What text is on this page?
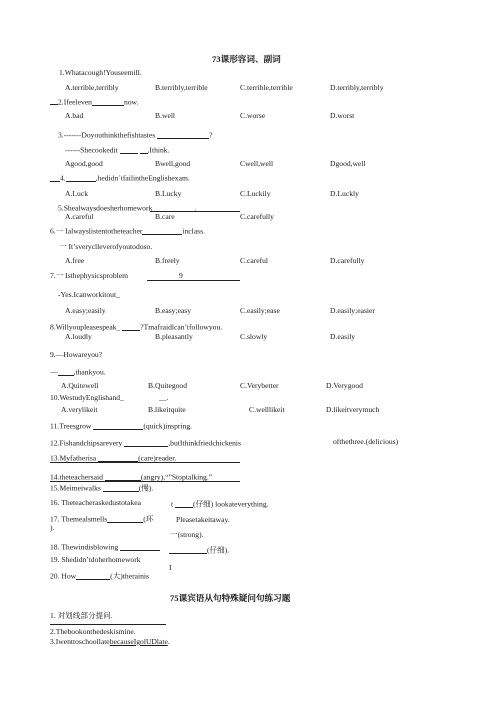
73课形容词、副词
1.Whatacough!Youseemill.
A.terrible,terribly	B.terribly,terrible	C.terrible,terrible	D.terribly,terribly
2.Ifeeleven	now.
A.bad	B.well	C.worse	D.worst
3.-------Doyouthinkthefishtastes	?
------Shecookedit	,Ithink.
Agood,good	Bwell,good	Cwell,well	Dgood,well
4.	,hedidn´tfailintheEnglishexam.
A.Luck	B.Lucky	C.Luckily	D.Luckly
5.Shealwaysdoesherhomework	.
A.careful	B.care	C.carefully
6.一 Ialwayslistentotheteacher	inclass.
一 It’sveryclleverofyoutodoso.
A.free	B.freely	C.careful	D.carefully
7.一 Isthephysicsproblem	9
-Yes.Icanworkitout_
A.easy;easily	B.easy;easy	C.easily;ease	D.easily;easier
8.Willyoupleasespeak_	?Tmafraidlcan’tfollowyou.
A.loudly	B.pleasantly	C.slowly	D.easily
9.—Howareyou?
— ,thankyou.
A.Quitewell	B.Quitegood	C.Verybetter	D.Verygood
10.WestudyEnglishand_	__.
A.verylikeit	B.likeitquite	C.welllikeit	D.likeitverymuch
11.Treesgrow	(quick)inspring.
12.Fishandchipsarevery	,butIthinkfriedchickenis	ofthethree.(delicious)
13.Myfatherisa	(care)reader.
14.theteachersaid	(angry),“”Stoptalking.”
15.Meimeiwalks	(慢).
16. Theteacheraskedustotakea	t	(仔细) lookateverything.
17. Themealsmells	(环
).
Pleasetakeitaway.
一(strong).
18. Thewindisblowing	(仔细).
19. Shedidn’tdoherhomework
I
20. How	(大)therainis
75课宾语从句特殊疑问句练习题
1. 对划线部分提问.
2.Thebookonthedeskismine.
3.IwenttoschoollatebecauseIgolUDlate.
